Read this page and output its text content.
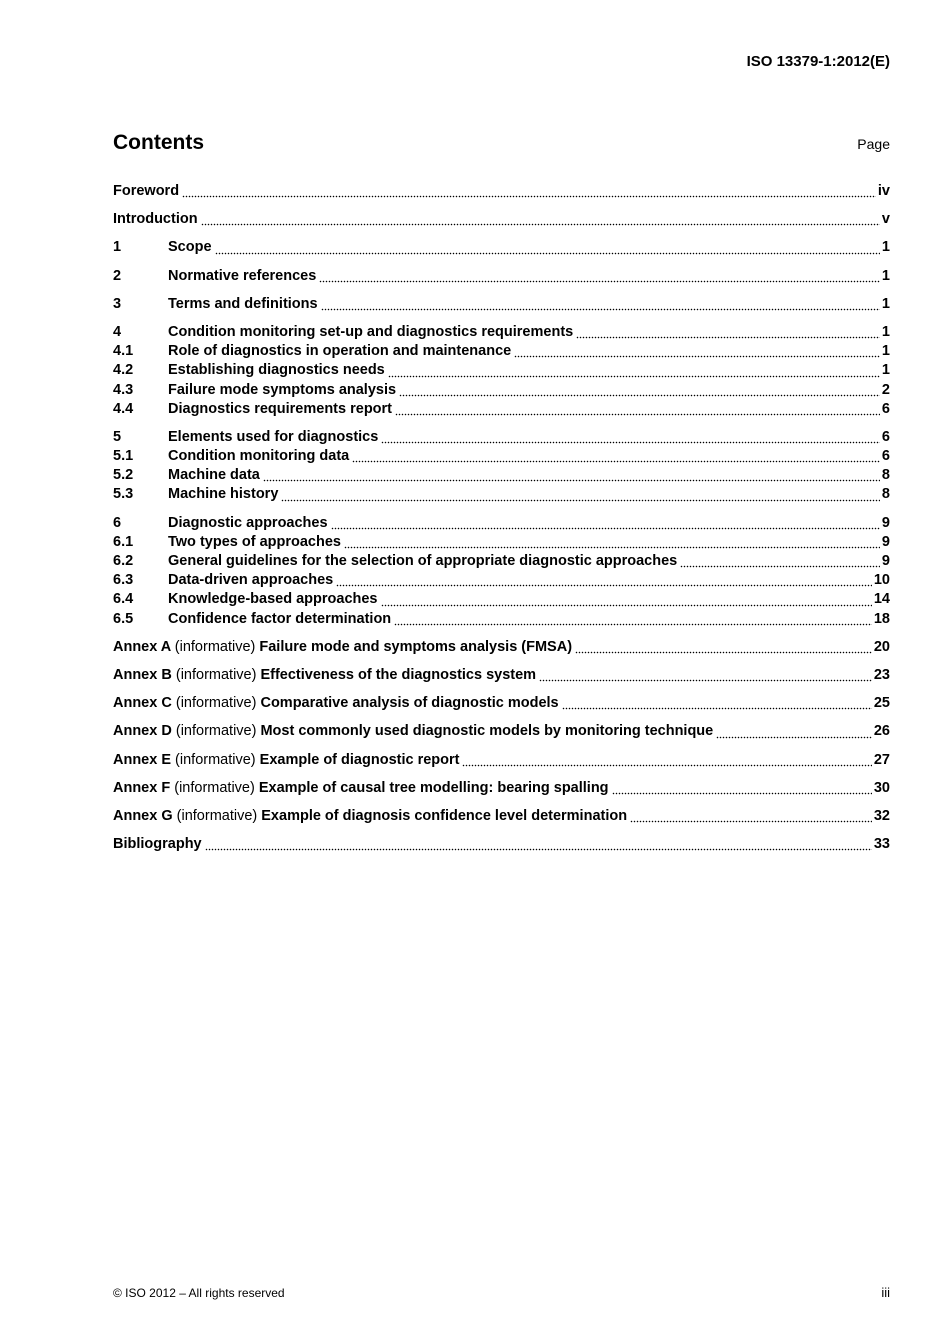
ISO 13379-1:2012(E)
Contents	Page
Foreword	iv
Introduction	v
1	Scope	1
2	Normative references	1
3	Terms and definitions	1
4	Condition monitoring set-up and diagnostics requirements	1
4.1	Role of diagnostics in operation and maintenance	1
4.2	Establishing diagnostics needs	1
4.3	Failure mode symptoms analysis	2
4.4	Diagnostics requirements report	6
5	Elements used for diagnostics	6
5.1	Condition monitoring data	6
5.2	Machine data	8
5.3	Machine history	8
6	Diagnostic approaches	9
6.1	Two types of approaches	9
6.2	General guidelines for the selection of appropriate diagnostic approaches	9
6.3	Data-driven approaches	10
6.4	Knowledge-based approaches	14
6.5	Confidence factor determination	18
Annex A (informative) Failure mode and symptoms analysis (FMSA)	20
Annex B (informative) Effectiveness of the diagnostics system	23
Annex C (informative) Comparative analysis of diagnostic models	25
Annex D (informative) Most commonly used diagnostic models by monitoring technique	26
Annex E (informative) Example of diagnostic report	27
Annex F (informative) Example of causal tree modelling: bearing spalling	30
Annex G (informative) Example of diagnosis confidence level determination	32
Bibliography	33
© ISO 2012 – All rights reserved	iii
